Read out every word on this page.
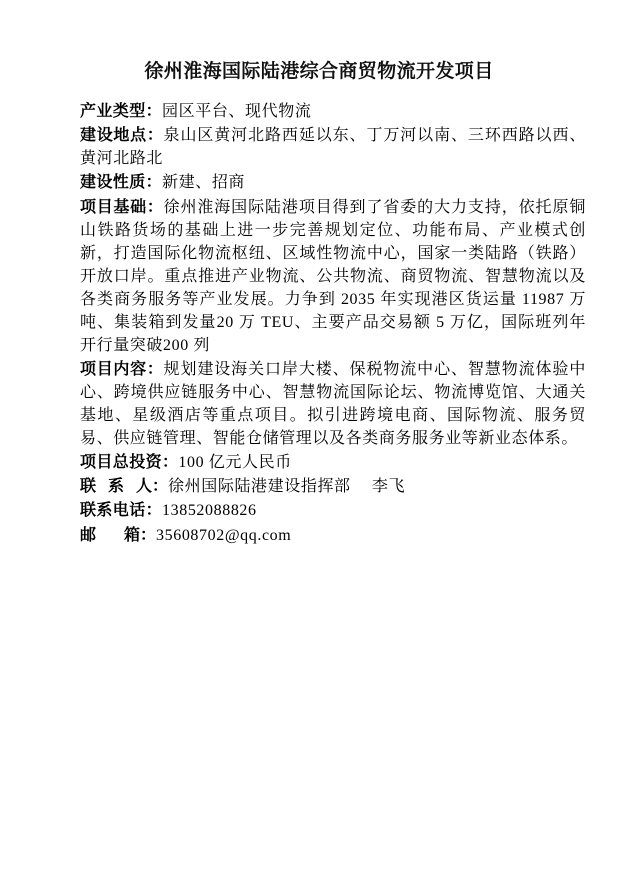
徐州淮海国际陆港综合商贸物流开发项目

产业类型：园区平台、现代物流

建设地点：泉山区黄河北路西延以东、丁万河以南、三环西路以西、黄河北路北

建设性质：新建、招商

项目基础：徐州淮海国际陆港项目得到了省委的大力支持，依托原铜山铁路货场的基础上进一步完善规划定位、功能布局、产业模式创新，打造国际化物流枢纽、区域性物流中心，国家一类陆路（铁路）开放口岸。重点推进产业物流、公共物流、商贸物流、智慧物流以及各类商务服务等产业发展。力争到 2035 年实现港区货运量 11987 万吨、集装箱到发量20 万 TEU、主要产品交易额 5 万亿，国际班列年开行量突破200 列

项目内容：规划建设海关口岸大楼、保税物流中心、智慧物流体验中心、跨境供应链服务中心、智慧物流国际论坛、物流博览馆、大通关基地、星级酒店等重点项目。拟引进跨境电商、国际物流、服务贸易、供应链管理、智能仓储管理以及各类商务服务业等新业态体系。

项目总投资：100 亿元人民币

联 系 人：徐州国际陆港建设指挥部　 李飞

联系电话：13852088826

邮 箱：35608702@qq.com
